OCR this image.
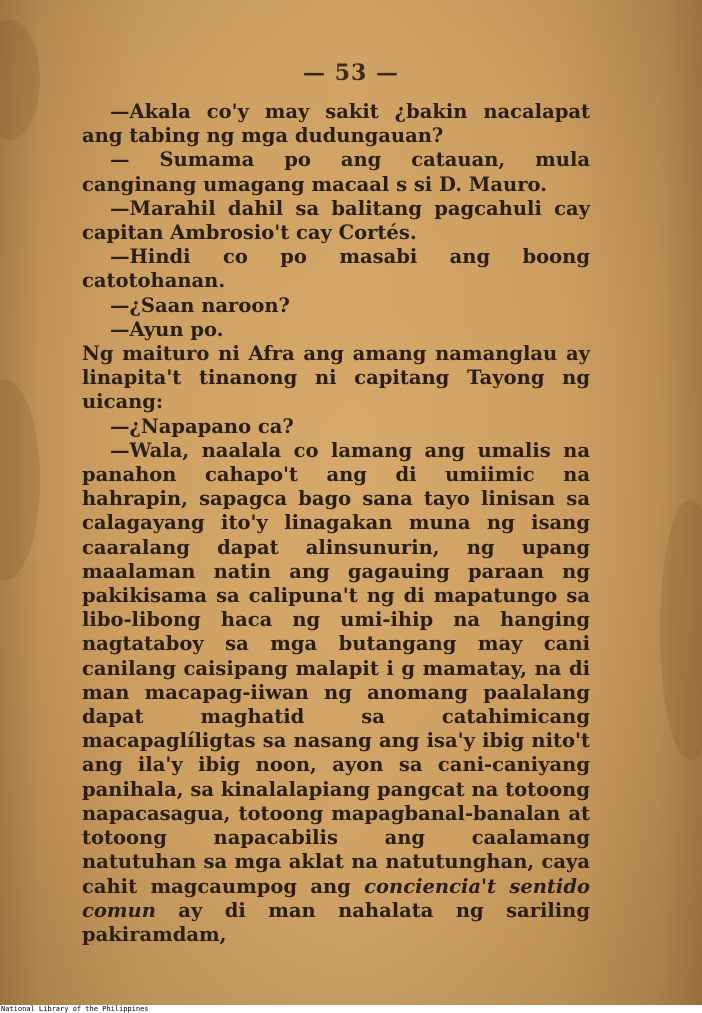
— 53 —

—Akala co'y may sakit ¿bakin nacalapat ang tabing ng mga dudungauan?

— Sumama po ang catauan, mula canginang umagang macaal s si D. Mauro.

—Marahil dahil sa balitang pagcahuli cay capitan Ambrosio't cay Cortés.

—Hindi co po masabi ang boong catotohanan.

—¿Saan naroon?

—Ayun po.

Ng maituro ni Afra ang amang namanglau ay linapita't tinanong ni capitang Tayong ng uicang:

—¿Napapano ca?

—Wala, naalala co lamang ang umalis na panahon cahapo't ang di umiimic na hahrapin, sapagca bago sana tayo linisan sa calagayang ito'y linagakan muna ng isang caaralang dapat alinsunurin, ng upang maalaman natin ang gagauing paraan ng pakikisama sa calipuna't ng di mapatungo sa libo-libong haca ng umi-ihip na hanging nagtataboy sa mga butangang may cani canilang caisipang malapit i g mamatay, na di man macapag-iiwan ng anomang paalalang dapat maghatid sa catahimicang macapaglíligtas sa nasang ang isa'y ibig nito't ang ila'y ibig noon, ayon sa cani-caniyang panihala, sa kinalalapiang pangcat na totoong napacasagua, totoong mapagbanal-banalan at totoong napacabilis ang caalamang natutuhan sa mga aklat na natutunghan, caya cahit magcaumpog ang conciencia't sentido comun ay di man nahalata ng sariling pakiramdam,

National Library of the Philippines
